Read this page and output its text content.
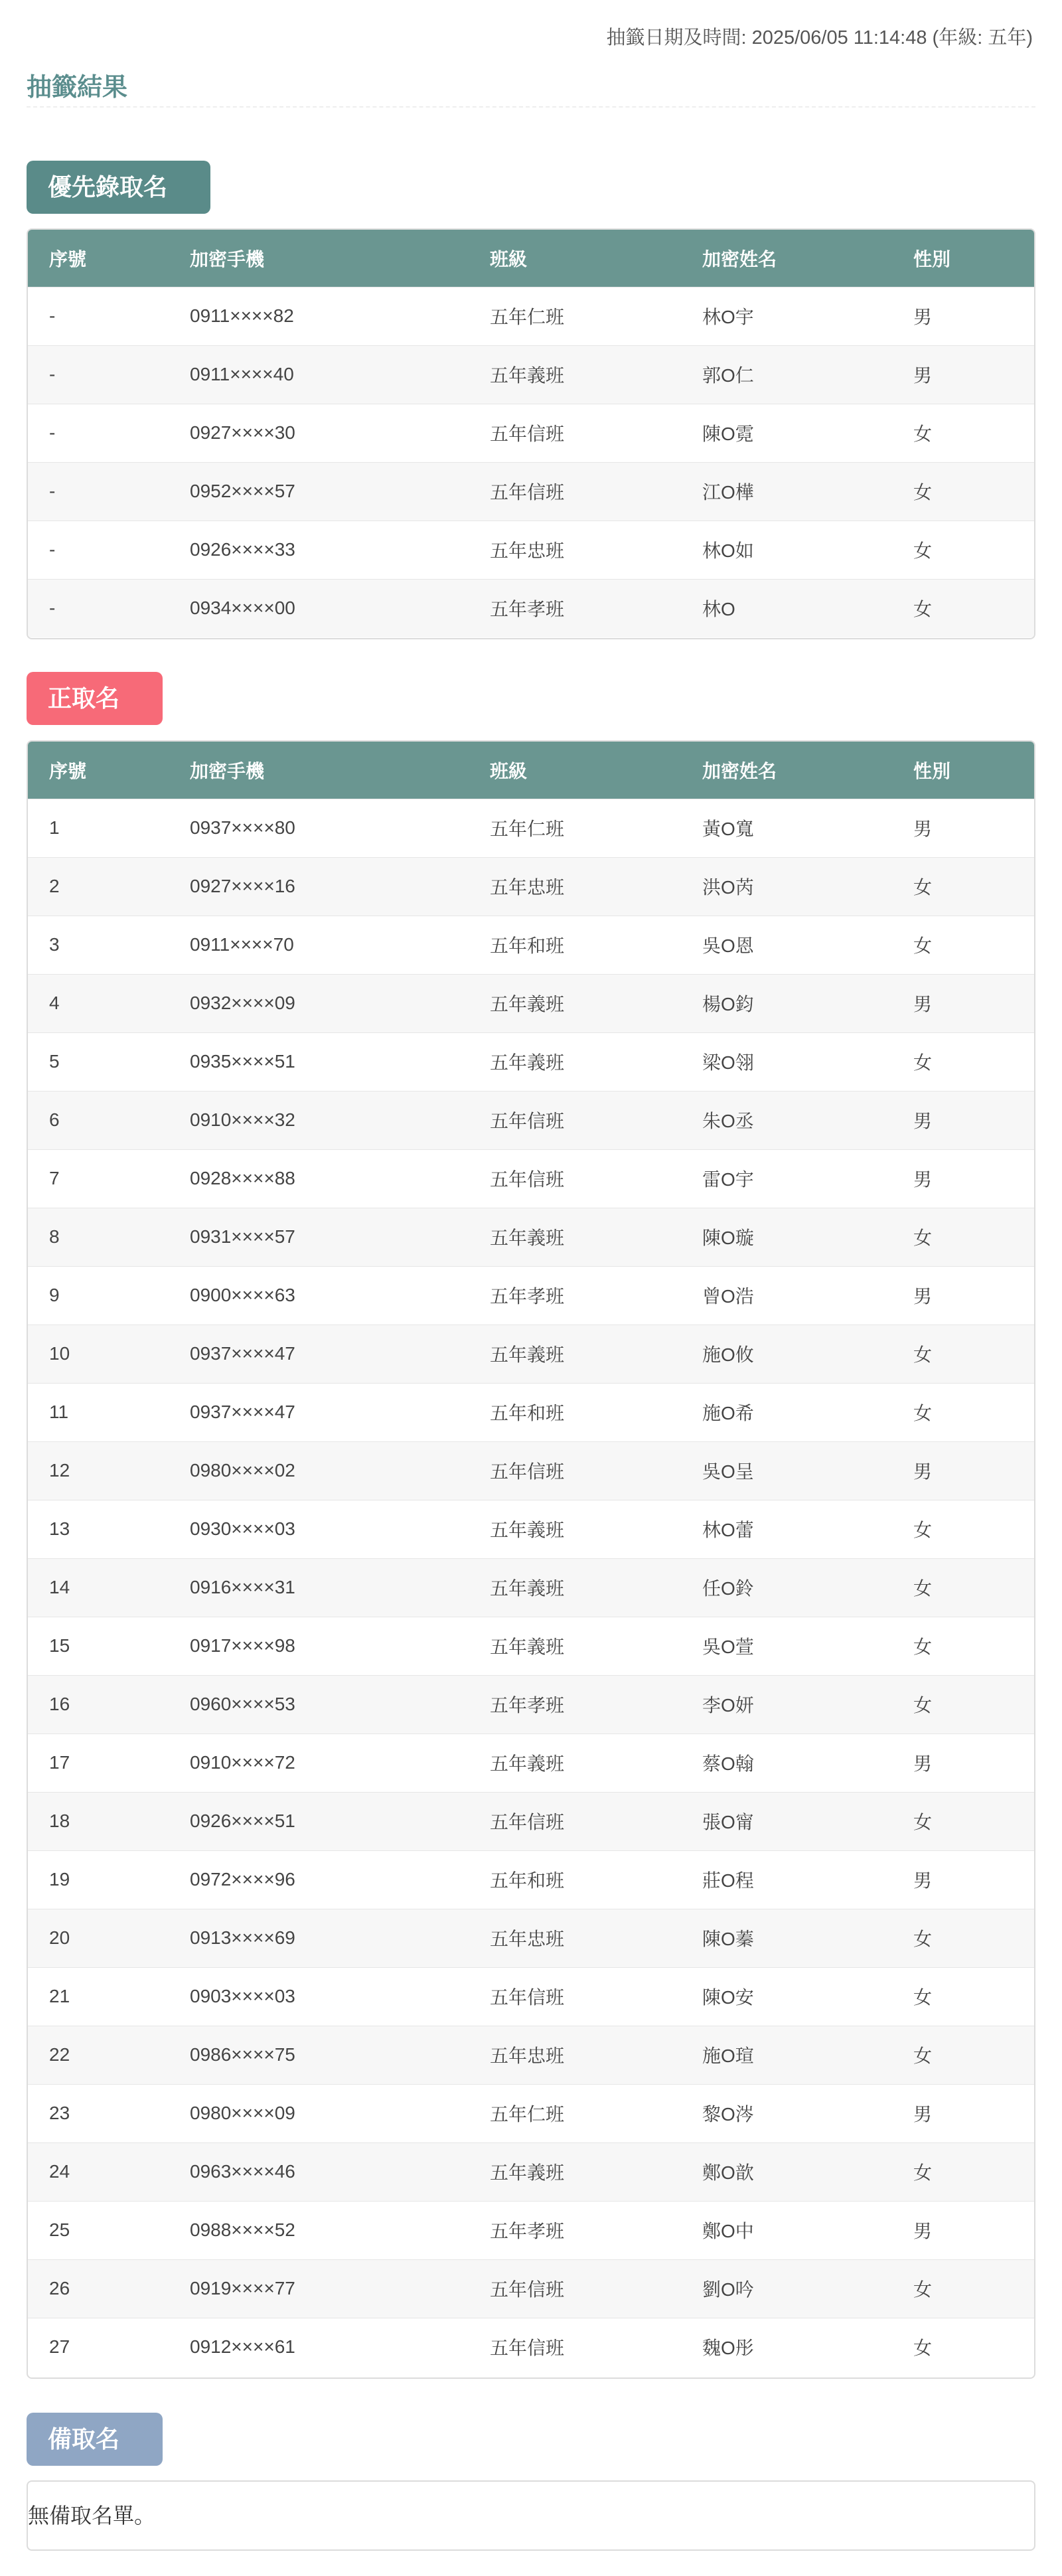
抽籤日期及時間: 2025/06/05 11:14:48 (年級: 五年)
抽籤結果
優先錄取名
序號	加密手機	班級	加密姓名	性別
-	0911××××82	五年仁班	林O宇	男
-	0911××××40	五年義班	郭O仁	男
-	0927××××30	五年信班	陳O霓	女
-	0952××××57	五年信班	江O樺	女
-	0926××××33	五年忠班	林O如	女
-	0934××××00	五年孝班	林O	女
正取名
序號	加密手機	班級	加密姓名	性別
1	0937××××80	五年仁班	黃O寬	男
2	0927××××16	五年忠班	洪O芮	女
3	0911××××70	五年和班	吳O恩	女
4	0932××××09	五年義班	楊O鈞	男
5	0935××××51	五年義班	梁O翎	女
6	0910××××32	五年信班	朱O丞	男
7	0928××××88	五年信班	雷O宇	男
8	0931××××57	五年義班	陳O璇	女
9	0900××××63	五年孝班	曾O浩	男
10	0937××××47	五年義班	施O攸	女
11	0937××××47	五年和班	施O希	女
12	0980××××02	五年信班	吳O呈	男
13	0930××××03	五年義班	林O蕾	女
14	0916××××31	五年義班	任O鈴	女
15	0917××××98	五年義班	吳O萱	女
16	0960××××53	五年孝班	李O妍	女
17	0910××××72	五年義班	蔡O翰	男
18	0926××××51	五年信班	張O甯	女
19	0972××××96	五年和班	莊O程	男
20	0913××××69	五年忠班	陳O蓁	女
21	0903××××03	五年信班	陳O安	女
22	0986××××75	五年忠班	施O瑄	女
23	0980××××09	五年仁班	黎O涔	男
24	0963××××46	五年義班	鄭O歆	女
25	0988××××52	五年孝班	鄭O中	男
26	0919××××77	五年信班	劉O吟	女
27	0912××××61	五年信班	魏O彤	女
備取名單
無備取名單。
